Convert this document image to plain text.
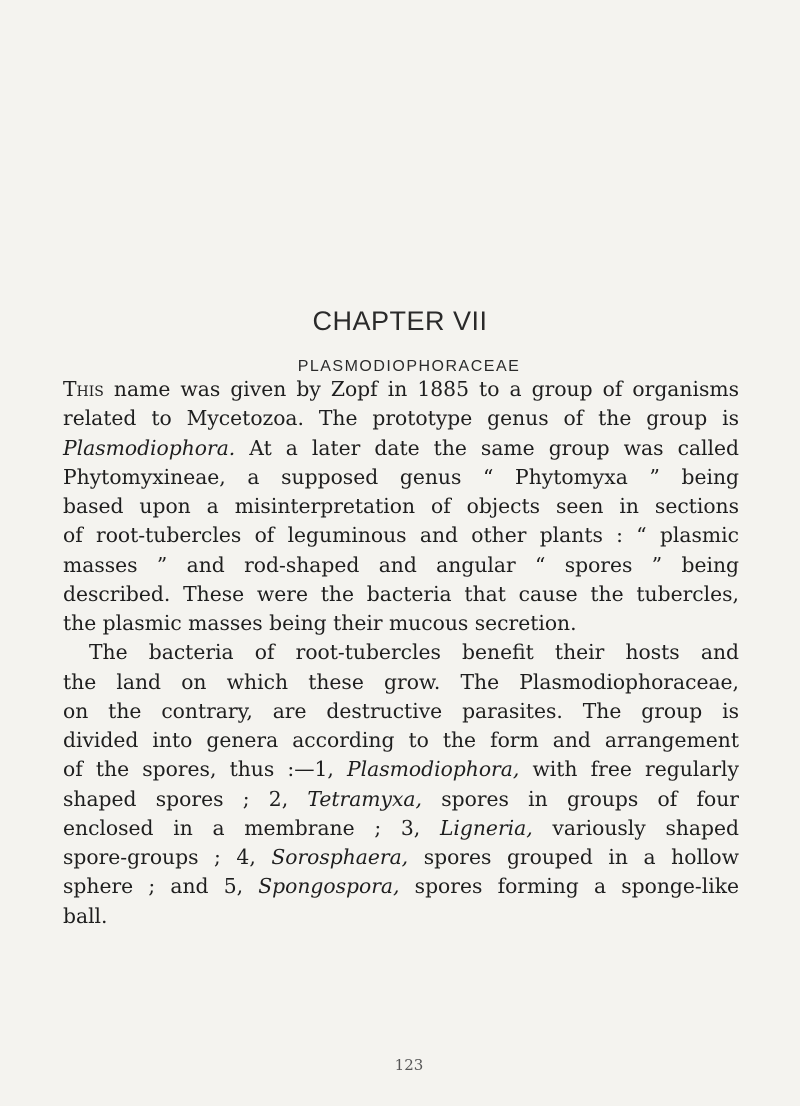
CHAPTER VII
PLASMODIOPHORACEAE
This name was given by Zopf in 1885 to a group of organisms
related to Mycetozoa. The prototype genus of the group is
Plasmodiophora. At a later date the same group was called
Phytomyxineae, a supposed genus “ Phytomyxa ” being
based upon a misinterpretation of objects seen in sections
of root-tubercles of leguminous and other plants : “ plasmic
masses ” and rod-shaped and angular “ spores ” being
described. These were the bacteria that cause the tubercles,
the plasmic masses being their mucous secretion.
The bacteria of root-tubercles benefit their hosts and
the land on which these grow. The Plasmodiophoraceae,
on the contrary, are destructive parasites. The group is
divided into genera according to the form and arrangement
of the spores, thus :—1, Plasmodiophora, with free regularly
shaped spores ; 2, Tetramyxa, spores in groups of four
enclosed in a membrane ; 3, Ligneria, variously shaped
spore-groups ; 4, Sorosphaera, spores grouped in a hollow
sphere ; and 5, Spongospora, spores forming a sponge-like
ball.
123
